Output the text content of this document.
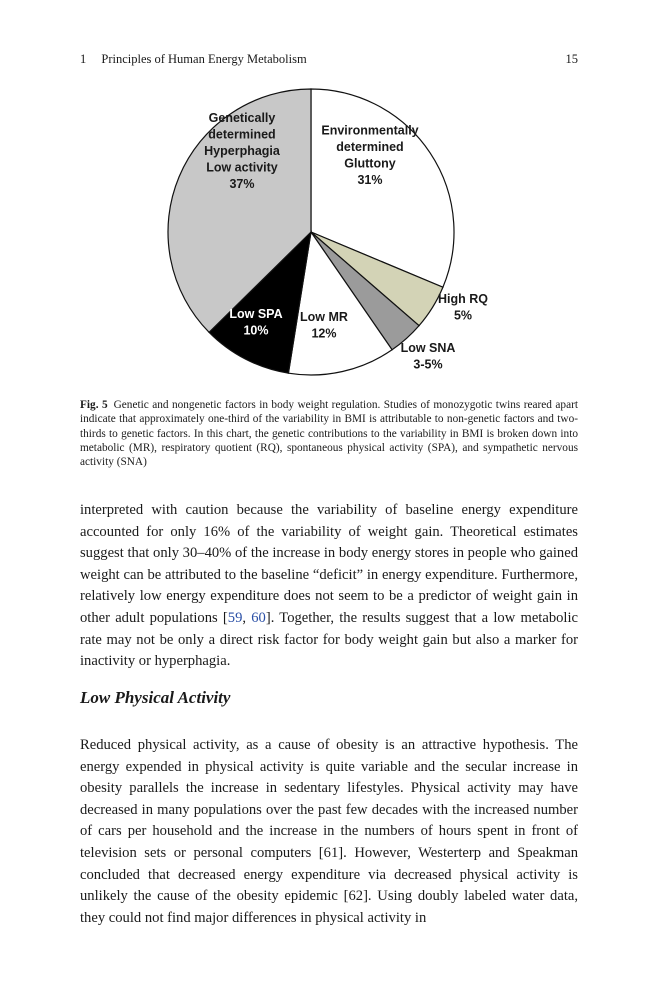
1 Principles of Human Energy Metabolism	15
Environmentally determined Gluttony 31%
High RQ 5%
Low SNA 3-5%
Low MR 12%
Low SPA 10%
Genetically determined Hyperphagia Low activity 37%
Fig. 5 Genetic and nongenetic factors in body weight regulation. Studies of monozygotic twins reared apart indicate that approximately one-third of the variability in BMI is attributable to non-genetic factors and two-thirds to genetic factors. In this chart, the genetic contributions to the variability in BMI is broken down into metabolic (MR), respiratory quotient (RQ), spontaneous physical activity (SPA), and sympathetic nervous activity (SNA)

interpreted with caution because the variability of baseline energy expenditure accounted for only 16% of the variability of weight gain. Theoretical estimates suggest that only 30–40% of the increase in body energy stores in people who gained weight can be attributed to the baseline “deficit” in energy expenditure. Furthermore, relatively low energy expenditure does not seem to be a predictor of weight gain in other adult populations [59, 60]. Together, the results suggest that a low metabolic rate may not be only a direct risk factor for body weight gain but also a marker for inactivity or hyperphagia.

Low Physical Activity

Reduced physical activity, as a cause of obesity is an attractive hypothesis. The energy expended in physical activity is quite variable and the secular increase in obesity parallels the increase in sedentary lifestyles. Physical activity may have decreased in many populations over the past few decades with the increased number of cars per household and the increase in the numbers of hours spent in front of television sets or personal computers [61]. However, Westerterp and Speakman concluded that decreased energy expenditure via decreased physical activity is unlikely the cause of the obesity epidemic [62]. Using doubly labeled water data, they could not find major differences in physical activity in
